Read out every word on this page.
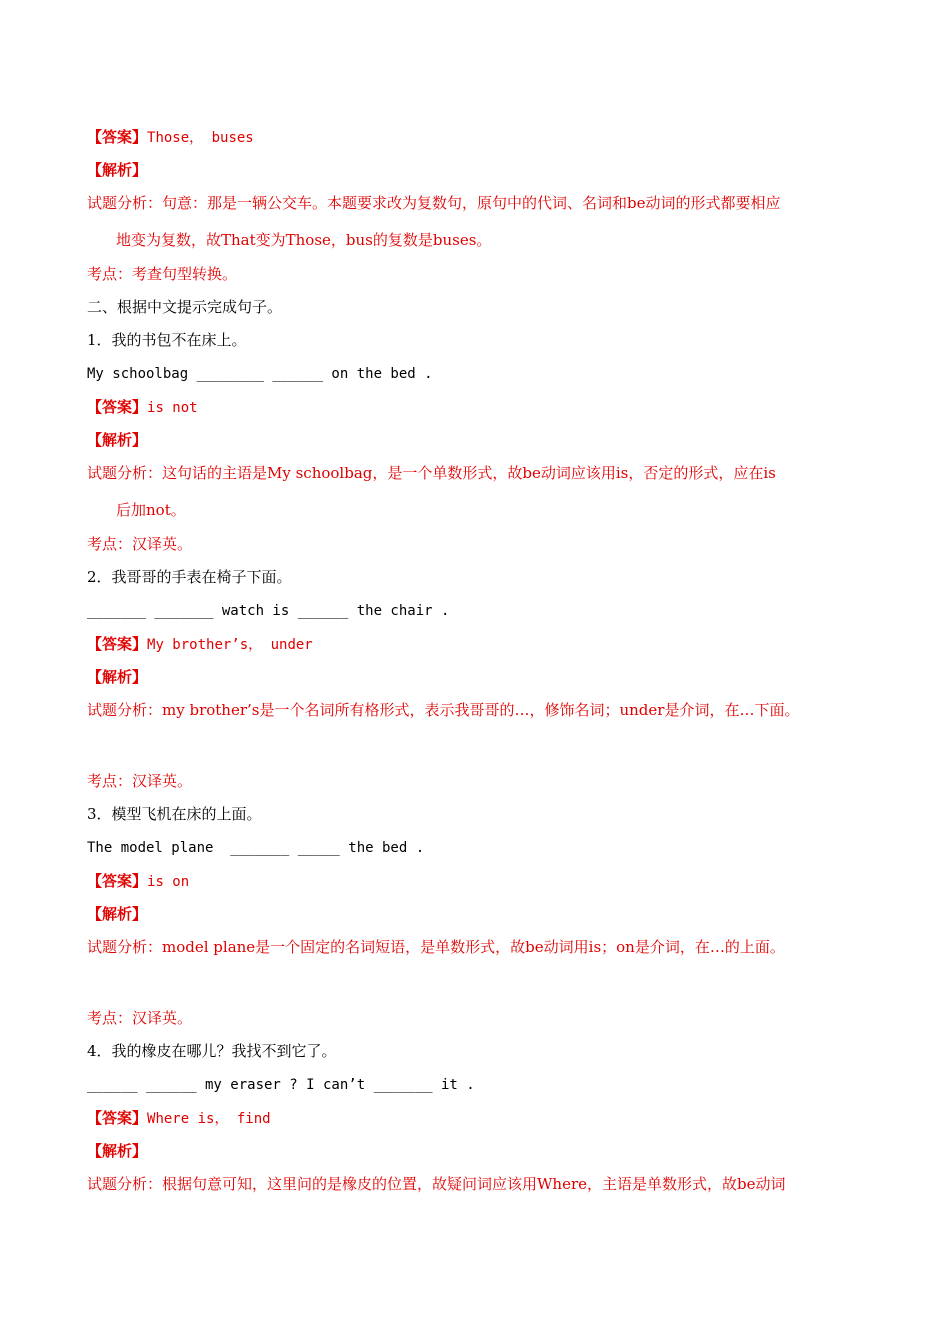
【答案】Those， buses
【解析】
试题分析：句意：那是一辆公交车。本题要求改为复数句，原句中的代词、名词和be动词的形式都要相应
地变为复数，故That变为Those，bus的复数是buses。
考点：考查句型转换。
二、根据中文提示完成句子。
1．我的书包不在床上。
My schoolbag ________ ______ on the bed .
【答案】is not
【解析】
试题分析：这句话的主语是My schoolbag，是一个单数形式，故be动词应该用is，否定的形式，应在is
后加not。
考点：汉译英。
2．我哥哥的手表在椅子下面。
_______ _______ watch is ______ the chair .
【答案】My brother’s， under
【解析】
试题分析：my brother’s是一个名词所有格形式，表示我哥哥的…，修饰名词；under是介词，在…下面。
考点：汉译英。
3．模型飞机在床的上面。
The model plane  _______ _____ the bed .
【答案】is on
【解析】
试题分析：model plane是一个固定的名词短语，是单数形式，故be动词用is；on是介词，在…的上面。
考点：汉译英。
4．我的橡皮在哪儿？我找不到它了。
______ ______ my eraser ? I can’t _______ it .
【答案】Where is， find
【解析】
试题分析：根据句意可知，这里问的是橡皮的位置，故疑问词应该用Where，主语是单数形式，故be动词
